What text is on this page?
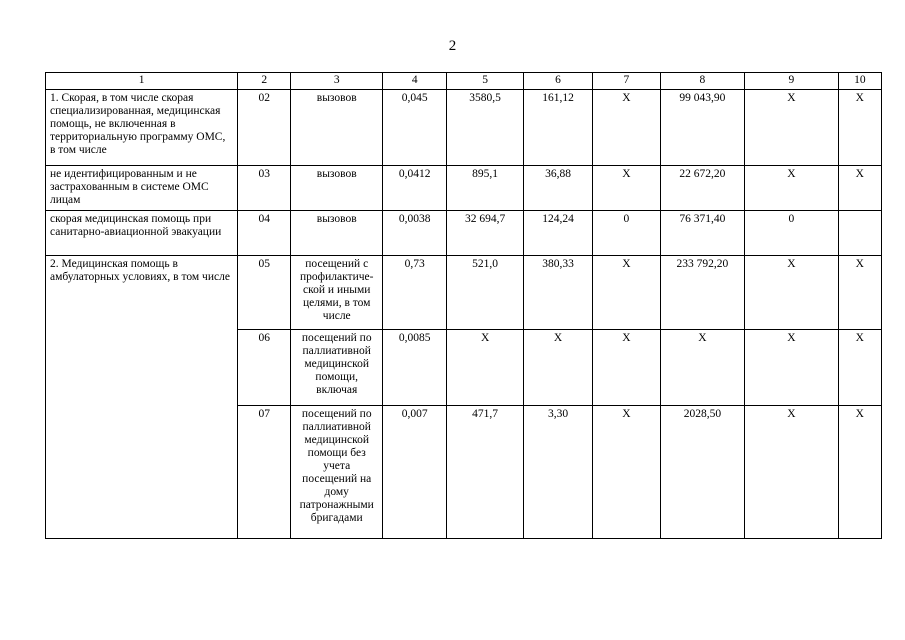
2
1	2	3	4	5	6	7	8	9	10
1. Скорая, в том числе скорая специализированная, медицинская помощь, не включенная в территориальную программу ОМС, в том числе	02	вызовов	0,045	3580,5	161,12	X	99 043,90	X	X
не идентифицированным и не застрахованным в системе ОМС лицам	03	вызовов	0,0412	895,1	36,88	X	22 672,20	X	X
скорая медицинская помощь при санитарно-авиационной эвакуации	04	вызовов	0,0038	32 694,7	124,24	0	76 371,40	0	
2. Медицинская помощь в амбулаторных условиях, в том числе	05	посещений с профилактиче-ской и иными целями, в том числе	0,73	521,0	380,33	X	233 792,20	X	X
	06	посещений по паллиативной медицинской помощи, включая	0,0085	X	X	X	X	X	X
	07	посещений по паллиативной медицинской помощи без учета посещений на дому патронажными бригадами	0,007	471,7	3,30	X	2028,50	X	X
